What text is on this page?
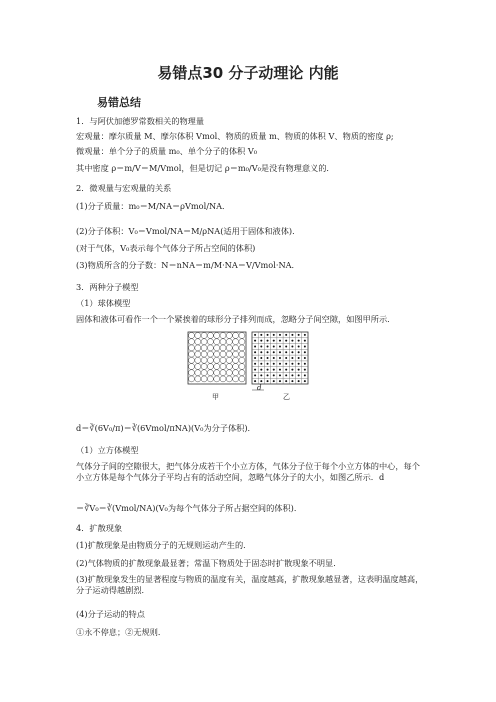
易错点30 分子动理论 内能
易错总结
1．与阿伏加德罗常数相关的物理量
宏观量：摩尔质量 M、摩尔体积 Vmol、物质的质量 m、物质的体积 V、物质的密度 ρ;
微观量：单个分子的质量 m₀、单个分子的体积 V₀
其中密度 ρ＝m/V＝M/Vmol，但是切记 ρ＝m₀/V₀是没有物理意义的．
2．微观量与宏观量的关系
(1)分子质量：m₀＝M/NA＝ρVmol/NA．
(2)分子体积：V₀＝Vmol/NA＝M/ρNA(适用于固体和液体)．
(对于气体，V₀表示每个气体分子所占空间的体积)
(3)物质所含的分子数：N＝nNA＝m/M·NA＝V/Vmol·NA．
3．两种分子模型
（1）球体模型
固体和液体可看作一个一个紧挨着的球形分子排列而成，忽略分子间空隙，如图甲所示．
甲	乙
d
d＝∛(6V₀/π)＝∛(6Vmol/πNA)(V₀为分子体积)．
（1）立方体模型
气体分子间的空隙很大，把气体分成若干个小立方体，气体分子位于每个小立方体的中心，每个小立方体是每个气体分子平均占有的活动空间，忽略气体分子的大小，如图乙所示．d
＝∛V₀＝∛(Vmol/NA)(V₀为每个气体分子所占据空间的体积)．
4．扩散现象
(1)扩散现象是由物质分子的无规则运动产生的．
(2)气体物质的扩散现象最显著；常温下物质处于固态时扩散现象不明显．
(3)扩散现象发生的显著程度与物质的温度有关，温度越高，扩散现象越显著，这表明温度越高，分子运动得越剧烈．
(4)分子运动的特点
①永不停息；②无规则．
